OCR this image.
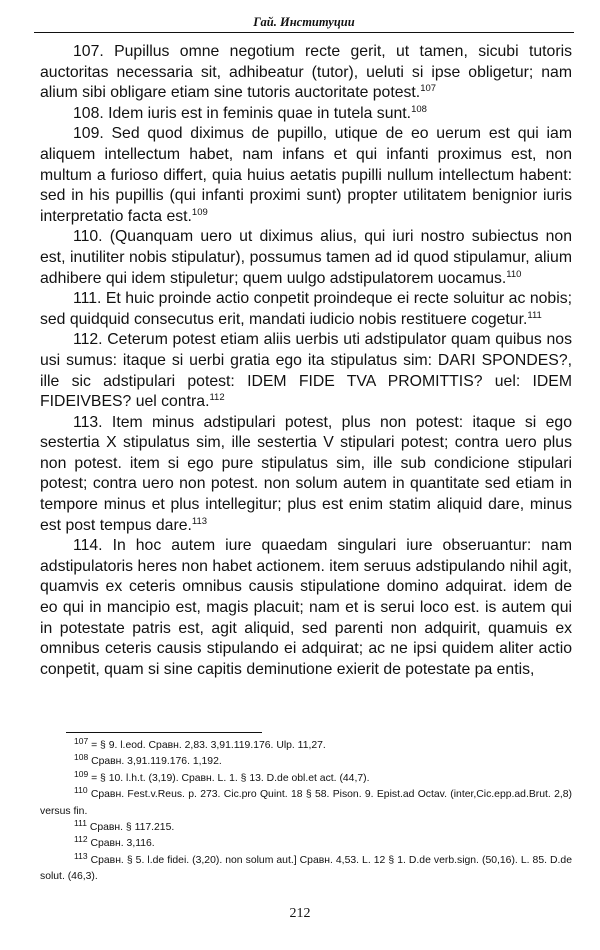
Гай. Институции

107. Pupillus omne negotium recte gerit, ut tamen, sicubi tutoris auctoritas necessaria sit, adhibeatur (tutor), ueluti si ipse obligetur; nam alium sibi obligare etiam sine tutoris auctoritate potest.$^{107}$

108. Idem iuris est in feminis quae in tutela sunt.$^{108}$

109. Sed quod diximus de pupillo, utique de eo uerum est qui iam aliquem intellectum habet, nam infans et qui infanti proximus est, non multum a furioso differt, quia huius aetatis pupilli nullum intellectum habent: sed in his pupillis (qui infanti proximi sunt) propter utilitatem benignior iuris interpretatio facta est.$^{109}$

110. (Quanquam uero ut diximus alius, qui iuri nostro subiectus non est, inutiliter nobis stipulatur), possumus tamen ad id quod stipulamur, alium adhibere qui idem stipuletur; quem uulgo adstipulatorem uocamus.$^{110}$

111. Et huic proinde actio conpetit proindeque ei recte soluitur ac nobis; sed quidquid consecutus erit, mandati iudicio nobis restituere cogetur.$^{111}$

112. Ceterum potest etiam aliis uerbis uti adstipulator quam quibus nos usi sumus: itaque si uerbi gratia ego ita stipulatus sim: DARI SPONDES?, ille sic adstipulari potest: IDEM FIDE TVA PROMITTIS? uel: IDEM FIDEIVBES? uel contra.$^{112}$

113. Item minus adstipulari potest, plus non potest: itaque si ego sestertia X stipulatus sim, ille sestertia V stipulari potest; contra uero plus non potest. item si ego pure stipulatus sim, ille sub condicione stipulari potest; contra uero non potest. non solum autem in quantitate sed etiam in tempore minus et plus intellegitur; plus est enim statim aliquid dare, minus est post tempus dare.$^{113}$

114. In hoc autem iure quaedam singulari iure obseruantur: nam adstipulatoris heres non habet actionem. item seruus adstipulando nihil agit, quamvis ex ceteris omnibus causis stipulatione domino adquirat. idem de eo qui in mancipio est, magis placuit; nam et is serui loco est. is autem qui in potestate patris est, agit aliquid, sed parenti non adquirit, quamuis ex omnibus ceteris causis stipulando ei adquirat; ac ne ipsi quidem aliter actio conpetit, quam si sine capitis deminutione exierit de potestate pa entis,

$^{107}$ = § 9. l.eod. Сравн. 2,83. 3,91.119.176. Ulp. 11,27.

$^{108}$ Сравн. 3,91.119.176. 1,192.

$^{109}$ = § 10. l.h.t. (3,19). Сравн. L. 1. § 13. D.de obl.et act. (44,7).

$^{110}$ Сравн. Fest.v.Reus. p. 273. Cic.pro Quint. 18 § 58. Pison. 9. Epist.ad Octav. (inter,Cic.epp.ad.Brut. 2,8) versus fin.

$^{111}$ Сравн. § 117.215.

$^{112}$ Сравн. 3,116.

$^{113}$ Сравн. § 5. l.de fidei. (3,20). non solum aut.] Сравн. 4,53. L. 12 § 1. D.de verb.sign. (50,16). L. 85. D.de solut. (46,3).

212
